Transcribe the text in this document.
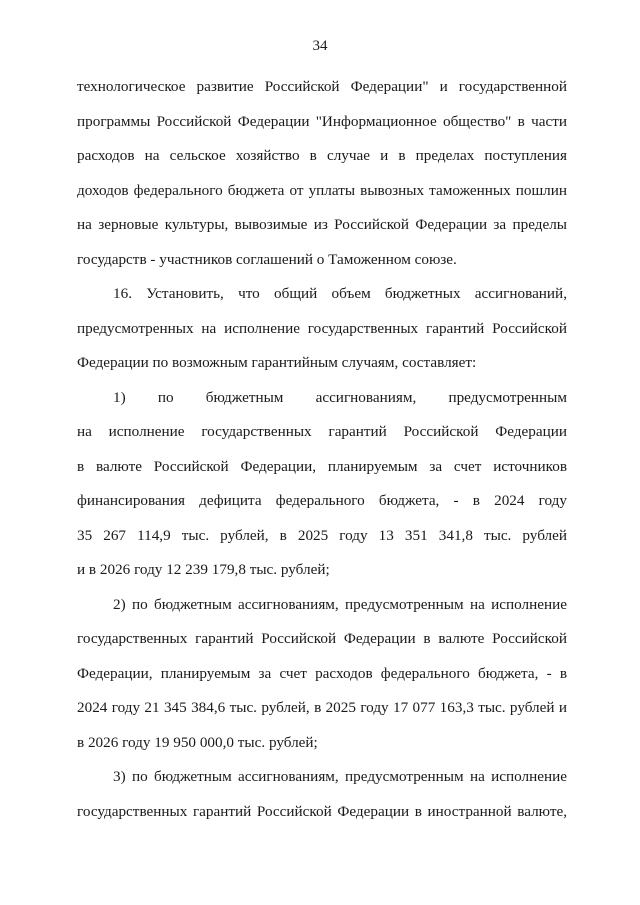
34
технологическое развитие Российской Федерации" и государственной
программы Российской Федерации "Информационное общество" в части
расходов на сельское хозяйство в случае и в пределах поступления
доходов федерального бюджета от уплаты вывозных таможенных пошлин
на зерновые культуры, вывозимые из Российской Федерации за пределы
государств - участников соглашений о Таможенном союзе.
16. Установить, что общий объем бюджетных ассигнований,
предусмотренных на исполнение государственных гарантий Российской
Федерации по возможным гарантийным случаям, составляет:
1) по бюджетным ассигнованиям, предусмотренным
на исполнение государственных гарантий Российской Федерации
в валюте Российской Федерации, планируемым за счет источников
финансирования дефицита федерального бюджета, - в 2024 году
35 267 114,9 тыс. рублей, в 2025 году 13 351 341,8 тыс. рублей
и в 2026 году 12 239 179,8 тыс. рублей;
2) по бюджетным ассигнованиям, предусмотренным на исполнение
государственных гарантий Российской Федерации в валюте Российской
Федерации, планируемым за счет расходов федерального бюджета, - в
2024 году 21 345 384,6 тыс. рублей, в 2025 году 17 077 163,3 тыс. рублей и
в 2026 году 19 950 000,0 тыс. рублей;
3) по бюджетным ассигнованиям, предусмотренным на исполнение
государственных гарантий Российской Федерации в иностранной валюте,
